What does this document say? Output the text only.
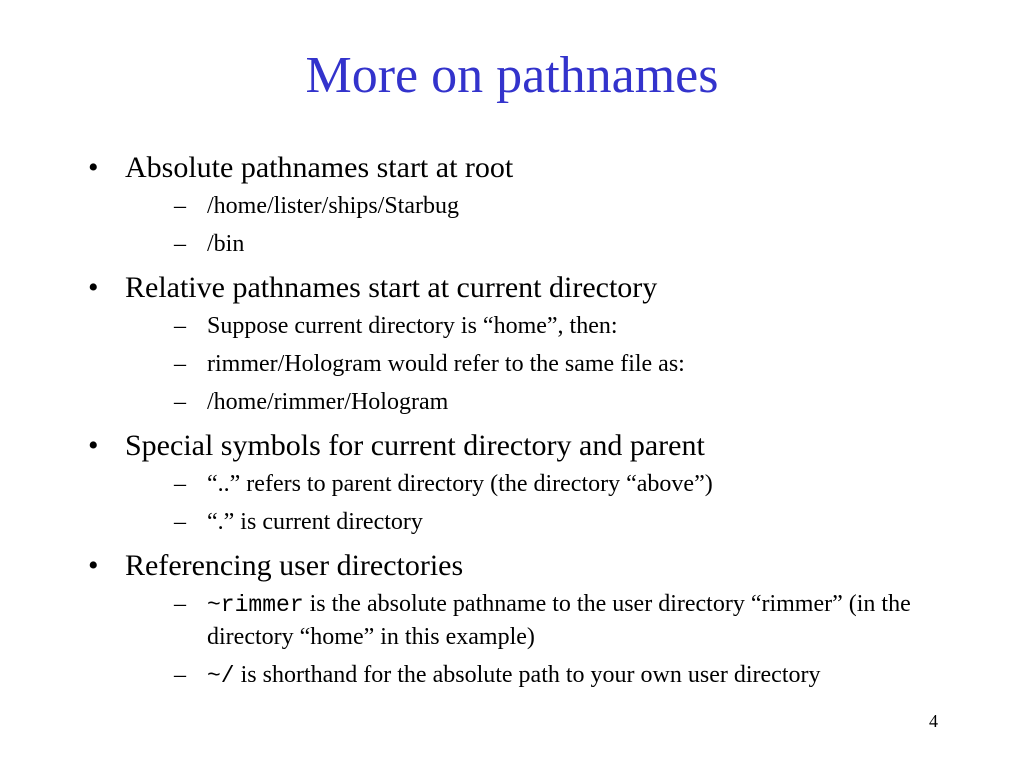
More on pathnames
• Absolute pathnames start at root
– /home/lister/ships/Starbug
– /bin
• Relative pathnames start at current directory
– Suppose current directory is “home”, then:
– rimmer/Hologram would refer to the same file as:
– /home/rimmer/Hologram
• Special symbols for current directory and parent
– “..” refers to parent directory (the directory “above”)
– “.” is current directory
• Referencing user directories
– ~rimmer is the absolute pathname to the user directory “rimmer” (in the directory “home” in this example)
– ~/ is shorthand for the absolute path to your own user directory
4
